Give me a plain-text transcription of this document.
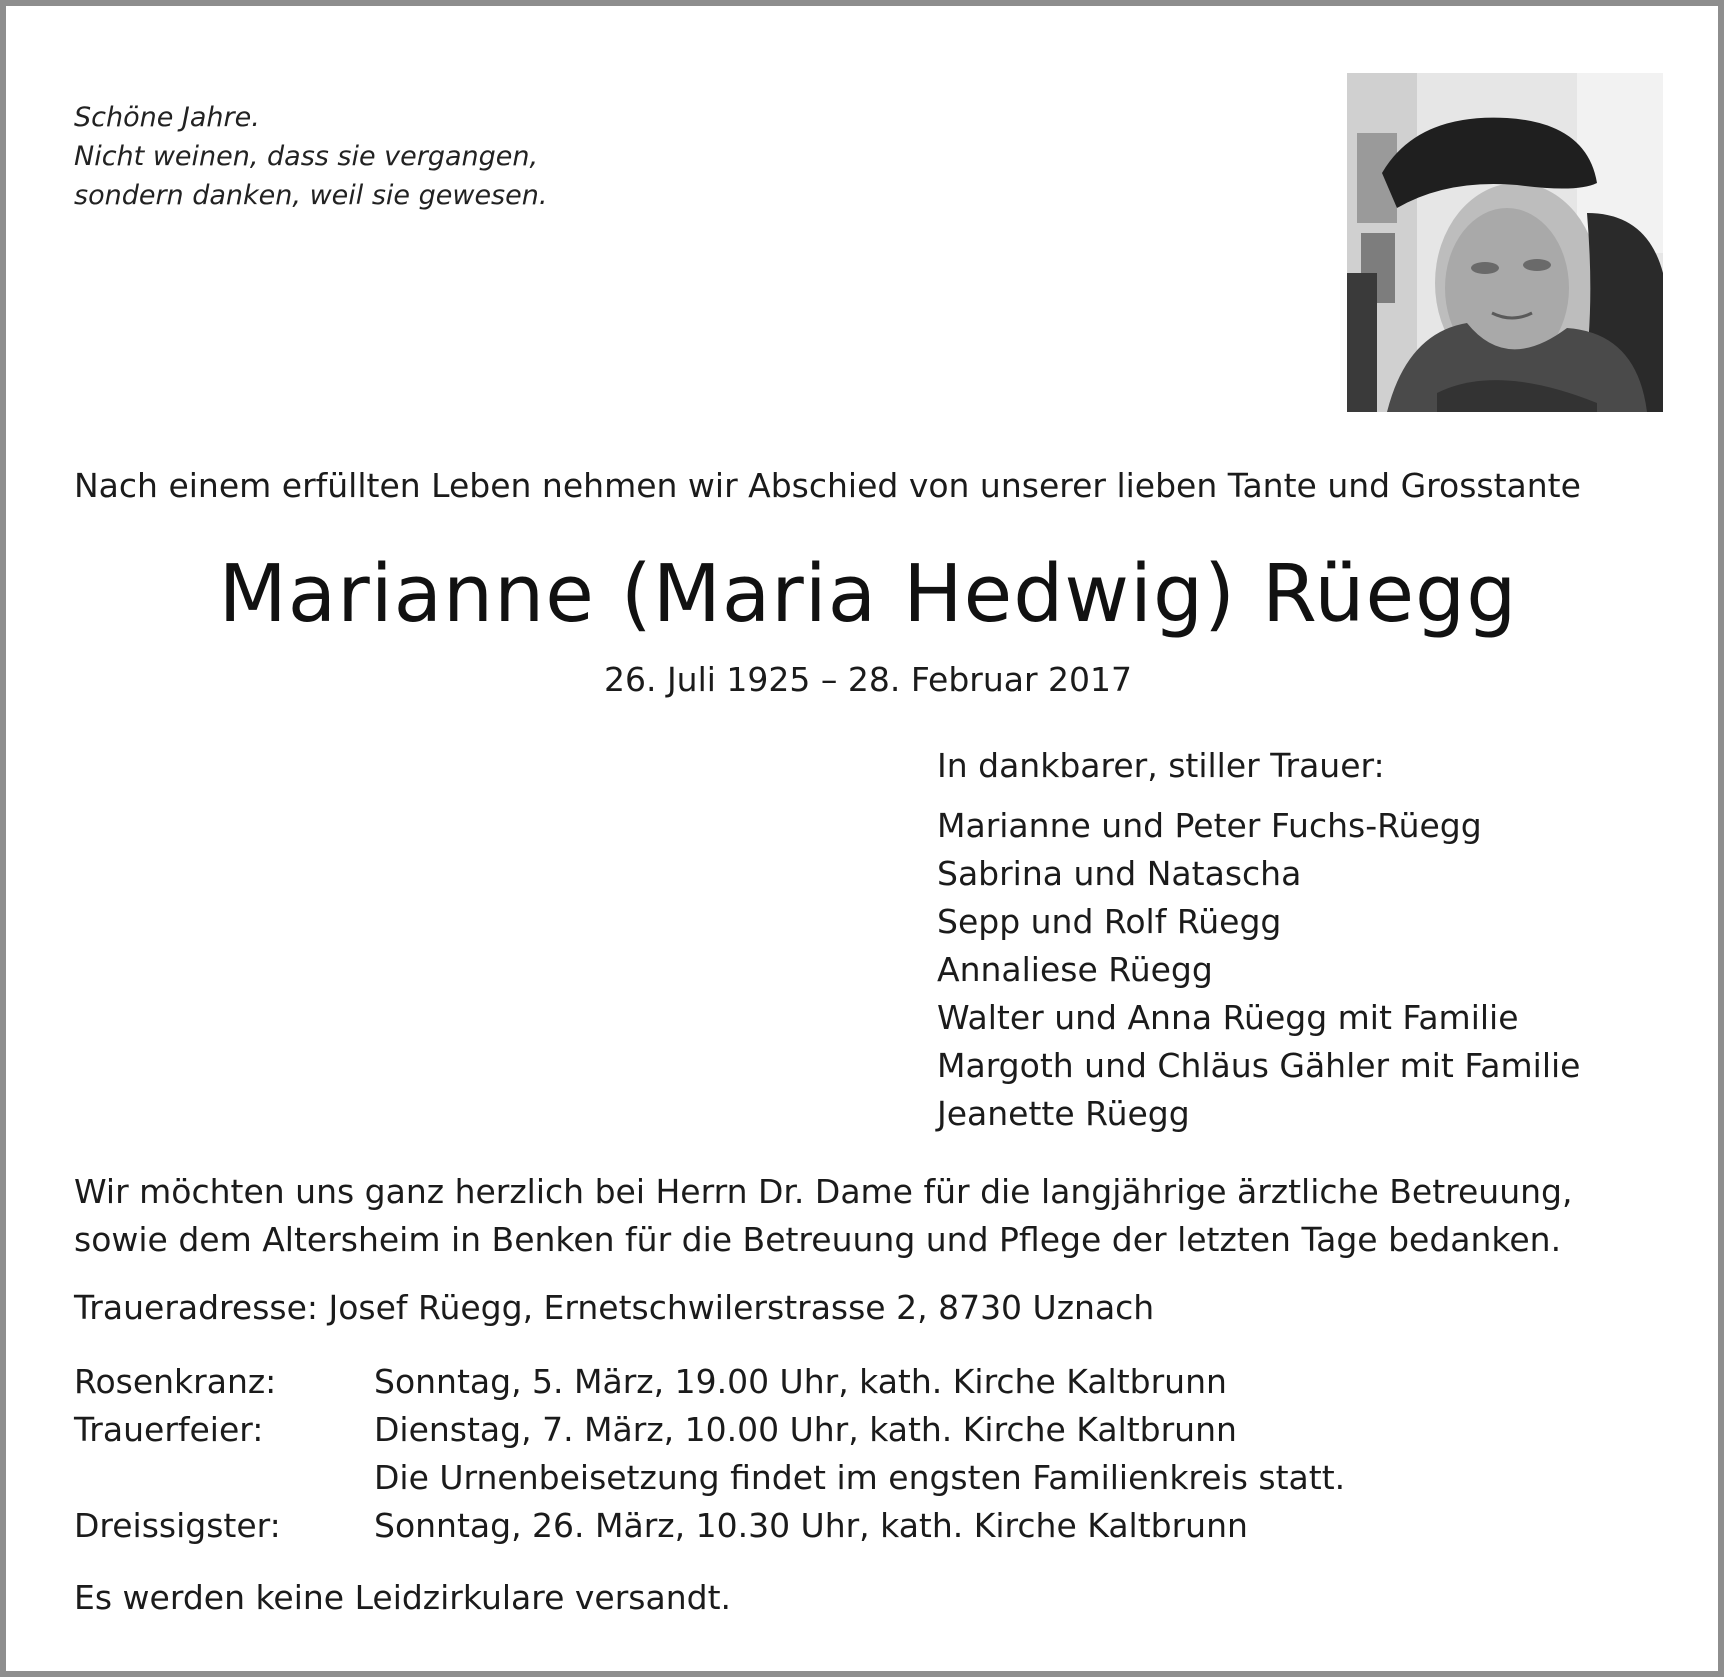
Schöne Jahre.
Nicht weinen, dass sie vergangen,
sondern danken, weil sie gewesen.
Nach einem erfüllten Leben nehmen wir Abschied von unserer lieben Tante und Grosstante
Marianne (Maria Hedwig) Rüegg
26. Juli 1925 – 28. Februar 2017
In dankbarer, stiller Trauer:
Marianne und Peter Fuchs-Rüegg
Sabrina und Natascha
Sepp und Rolf Rüegg
Annaliese Rüegg
Walter und Anna Rüegg mit Familie
Margoth und Chläus Gähler mit Familie
Jeanette Rüegg
Wir möchten uns ganz herzlich bei Herrn Dr. Dame für die langjährige ärztliche Betreuung,
sowie dem Altersheim in Benken für die Betreuung und Pflege der letzten Tage bedanken.
Traueradresse: Josef Rüegg, Ernetschwilerstrasse 2, 8730 Uznach
Rosenkranz:	Sonntag, 5. März, 19.00 Uhr, kath. Kirche Kaltbrunn
Trauerfeier:	Dienstag, 7. März, 10.00 Uhr, kath. Kirche Kaltbrunn
Die Urnenbeisetzung findet im engsten Familienkreis statt.
Dreissigster:	Sonntag, 26. März, 10.30 Uhr, kath. Kirche Kaltbrunn
Es werden keine Leidzirkulare versandt.
